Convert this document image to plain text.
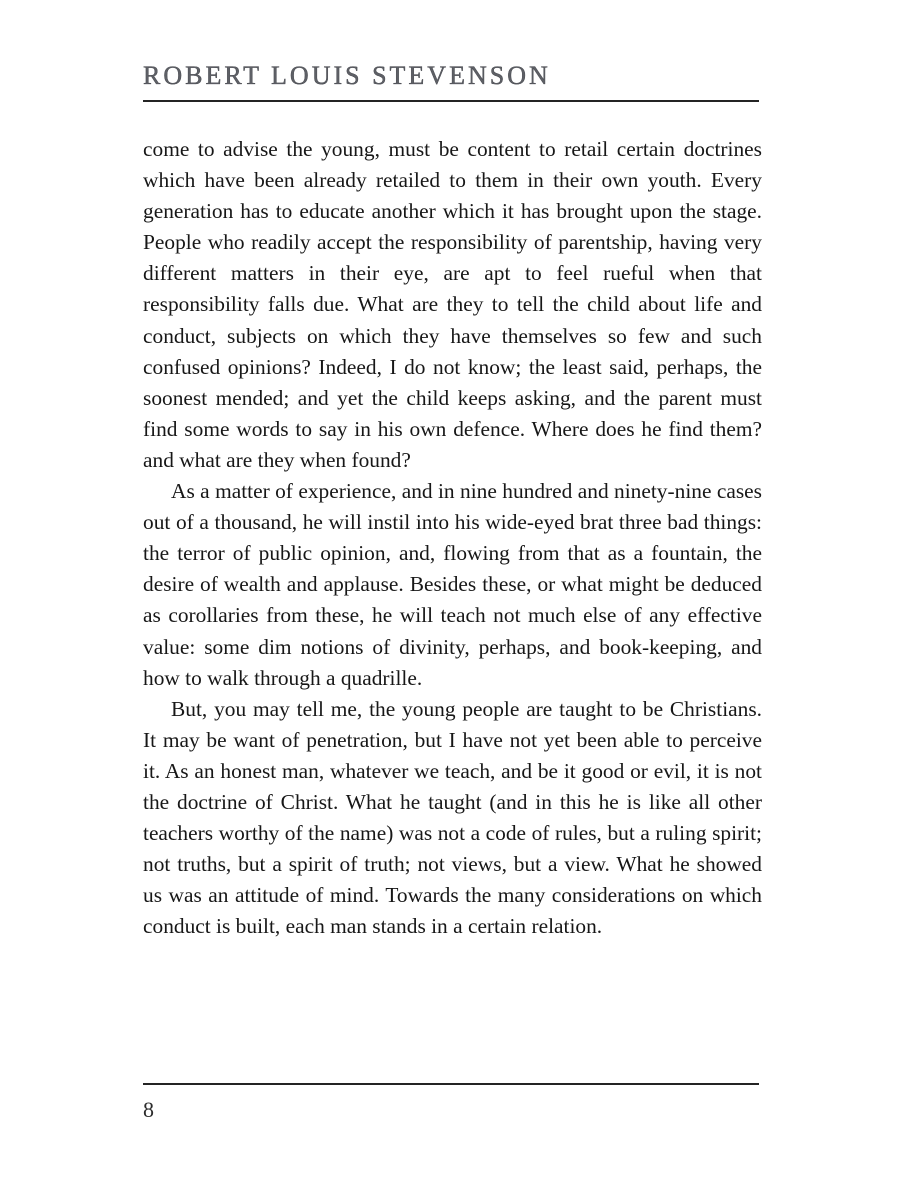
ROBERT LOUIS STEVENSON

come to advise the young, must be content to retail certain doctrines which have been already retailed to them in their own youth. Every generation has to educate another which it has brought upon the stage. People who readily accept the responsibility of parentship, having very different matters in their eye, are apt to feel rueful when that responsibility falls due. What are they to tell the child about life and conduct, subjects on which they have themselves so few and such confused opinions? Indeed, I do not know; the least said, perhaps, the soonest mended; and yet the child keeps asking, and the parent must find some words to say in his own defence. Where does he find them? and what are they when found?

As a matter of experience, and in nine hundred and ninety-nine cases out of a thousand, he will instil into his wide-eyed brat three bad things: the terror of public opinion, and, flowing from that as a fountain, the desire of wealth and applause. Besides these, or what might be deduced as corollaries from these, he will teach not much else of any effective value: some dim notions of divinity, perhaps, and book-keeping, and how to walk through a quadrille.

But, you may tell me, the young people are taught to be Christians. It may be want of penetration, but I have not yet been able to perceive it. As an honest man, whatever we teach, and be it good or evil, it is not the doctrine of Christ. What he taught (and in this he is like all other teachers worthy of the name) was not a code of rules, but a ruling spirit; not truths, but a spirit of truth; not views, but a view. What he showed us was an attitude of mind. Towards the many considerations on which conduct is built, each man stands in a certain relation.

8
